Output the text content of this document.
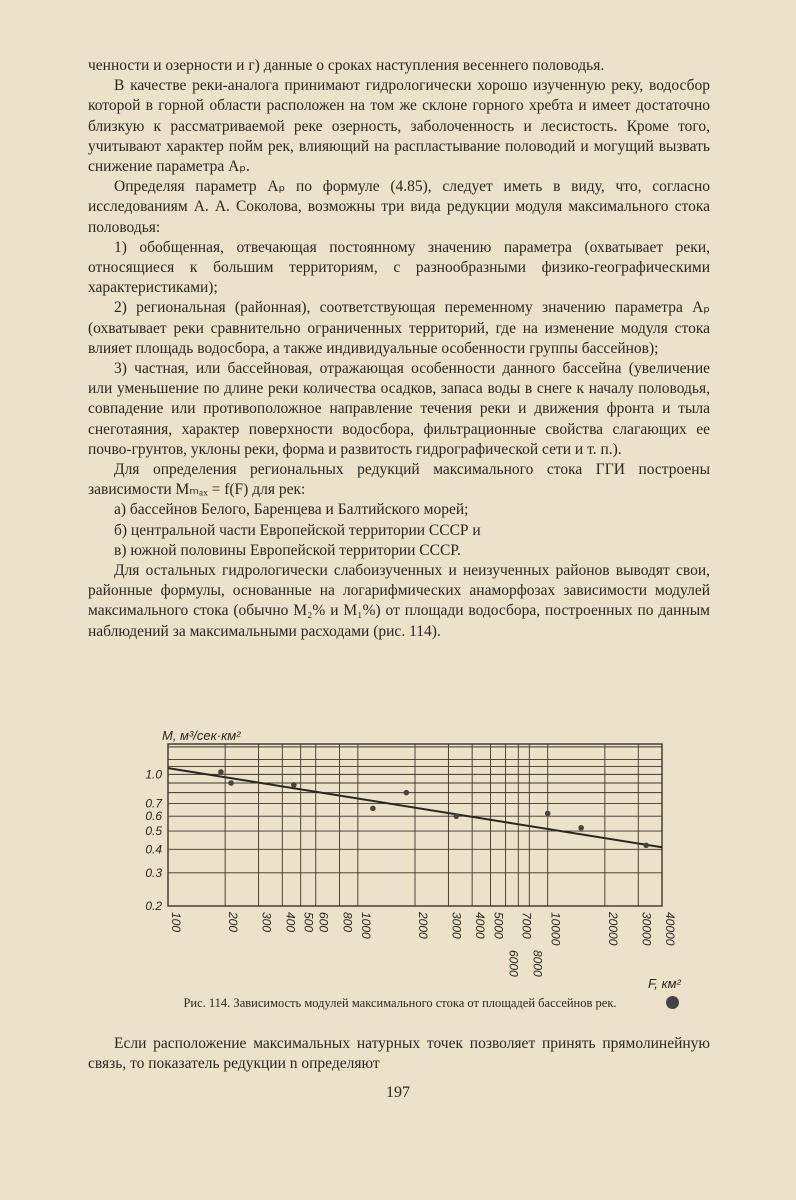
ченности и озерности и г) данные о сроках наступления весеннего половодья.

В качестве реки-аналога принимают гидрологически хорошо изученную реку, водосбор которой в горной области расположен на том же склоне горного хребта и имеет достаточно близкую к рассматриваемой реке озерность, заболоченность и лесистость. Кроме того, учитывают характер пойм рек, влияющий на распластывание половодий и могущий вызвать снижение параметра Aₚ.

Определяя параметр Aₚ по формуле (4.85), следует иметь в виду, что, согласно исследованиям А. А. Соколова, возможны три вида редукции модуля максимального стока половодья:

1) обобщенная, отвечающая постоянному значению параметра (охватывает реки, относящиеся к большим территориям, с разнообразными физико-географическими характеристиками);

2) региональная (районная), соответствующая переменному значению параметра Aₚ (охватывает реки сравнительно ограниченных территорий, где на изменение модуля стока влияет площадь водосбора, а также индивидуальные особенности группы бассейнов);

3) частная, или бассейновая, отражающая особенности данного бассейна (увеличение или уменьшение по длине реки количества осадков, запаса воды в снеге к началу половодья, совпадение или противоположное направление течения реки и движения фронта и тыла снеготаяния, характер поверхности водосбора, фильтрационные свойства слагающих ее почво-грунтов, уклоны реки, форма и развитость гидрографической сети и т. п.).

Для определения региональных редукций максимального стока ГГИ построены зависимости Mₘₐₓ = f(F) для рек:

а) бассейнов Белого, Баренцева и Балтийского морей;

б) центральной части Европейской территории СССР и

в) южной половины Европейской территории СССР.

Для остальных гидрологически слабоизученных и неизученных районов выводят свои, районные формулы, основанные на логарифмических анаморфозах зависимости модулей максимального стока (обычно M₂% и M₁%) от площади водосбора, построенных по данным наблюдений за максимальными расходами (рис. 114).

100	200 300 400 500 600 800 1000	2000 3000 4000 5000
6000
7000
8000
10000	20000 30000 40000
1.0
0.7
0.6
0.5
0.4
0.3
0.2
M, м³/сек·км²
F, км²
Рис. 114. Зависимость модулей максимального стока от площадей бассейнов рек.
Если расположение максимальных натурных точек позволяет принять прямолинейную связь, то показатель редукции n определяют
197
